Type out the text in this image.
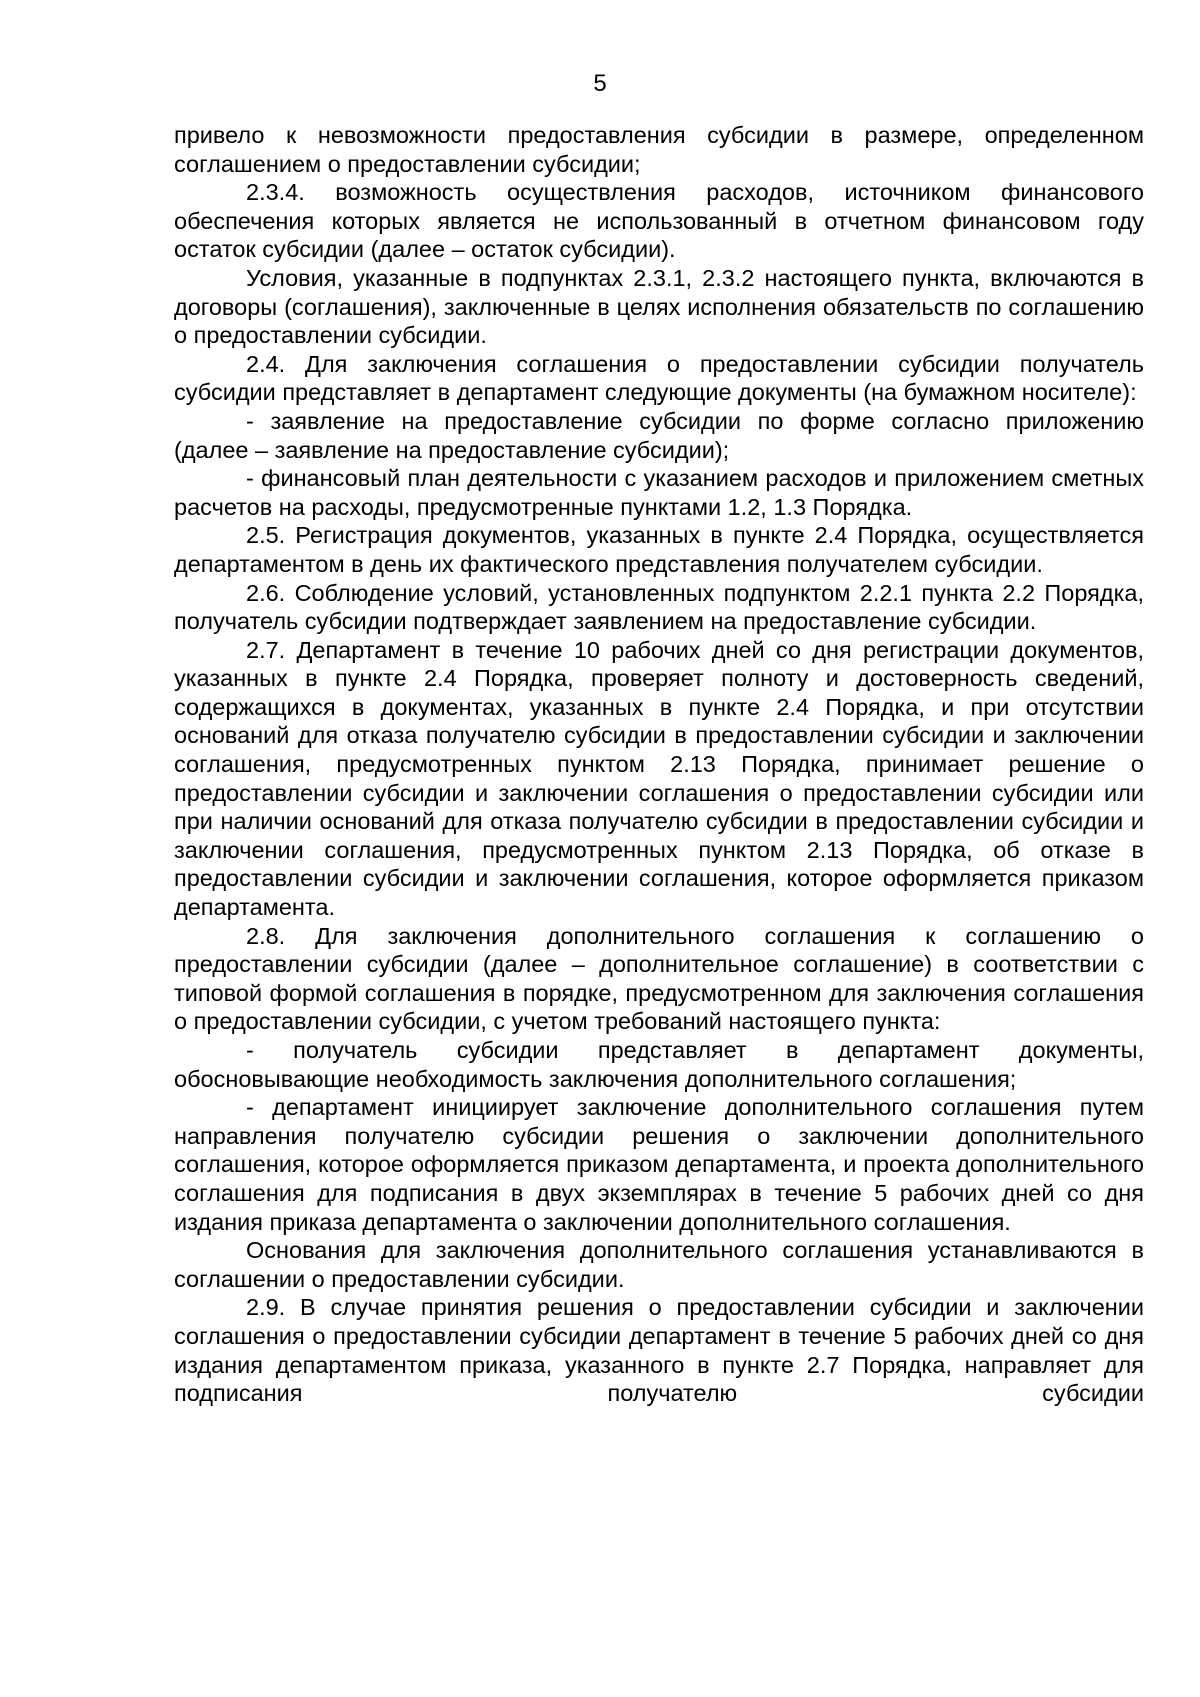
5

привело к невозможности предоставления субсидии в размере, определенном соглашением о предоставлении субсидии;

2.3.4. возможность осуществления расходов, источником финансового обеспечения которых является не использованный в отчетном финансовом году остаток субсидии (далее – остаток субсидии).

Условия, указанные в подпунктах 2.3.1, 2.3.2 настоящего пункта, включаются в договоры (соглашения), заключенные в целях исполнения обязательств по соглашению о предоставлении субсидии.

2.4. Для заключения соглашения о предоставлении субсидии получатель субсидии представляет в департамент следующие документы (на бумажном носителе):

- заявление на предоставление субсидии по форме согласно приложению (далее – заявление на предоставление субсидии);

- финансовый план деятельности с указанием расходов и приложением сметных расчетов на расходы, предусмотренные пунктами 1.2, 1.3 Порядка.

2.5. Регистрация документов, указанных в пункте 2.4 Порядка, осуществляется департаментом в день их фактического представления получателем субсидии.

2.6. Соблюдение условий, установленных подпунктом 2.2.1 пункта 2.2 Порядка, получатель субсидии подтверждает заявлением на предоставление субсидии.

2.7. Департамент в течение 10 рабочих дней со дня регистрации документов, указанных в пункте 2.4 Порядка, проверяет полноту и достоверность сведений, содержащихся в документах, указанных в пункте 2.4 Порядка, и при отсутствии оснований для отказа получателю субсидии в предоставлении субсидии и заключении соглашения, предусмотренных пунктом 2.13 Порядка, принимает решение о предоставлении субсидии и заключении соглашения о предоставлении субсидии или при наличии оснований для отказа получателю субсидии в предоставлении субсидии и заключении соглашения, предусмотренных пунктом 2.13 Порядка, об отказе в предоставлении субсидии и заключении соглашения, которое оформляется приказом департамента.

2.8. Для заключения дополнительного соглашения к соглашению о предоставлении субсидии (далее – дополнительное соглашение) в соответствии с типовой формой соглашения в порядке, предусмотренном для заключения соглашения о предоставлении субсидии, с учетом требований настоящего пункта:

- получатель субсидии представляет в департамент документы, обосновывающие необходимость заключения дополнительного соглашения;

- департамент инициирует заключение дополнительного соглашения путем направления получателю субсидии решения о заключении дополнительного соглашения, которое оформляется приказом департамента, и проекта дополнительного соглашения для подписания в двух экземплярах в течение 5 рабочих дней со дня издания приказа департамента о заключении дополнительного соглашения.

Основания для заключения дополнительного соглашения устанавливаются в соглашении о предоставлении субсидии.

2.9. В случае принятия решения о предоставлении субсидии и заключении соглашения о предоставлении субсидии департамент в течение 5 рабочих дней со дня издания департаментом приказа, указанного в пункте 2.7 Порядка, направляет для подписания получателю субсидии
